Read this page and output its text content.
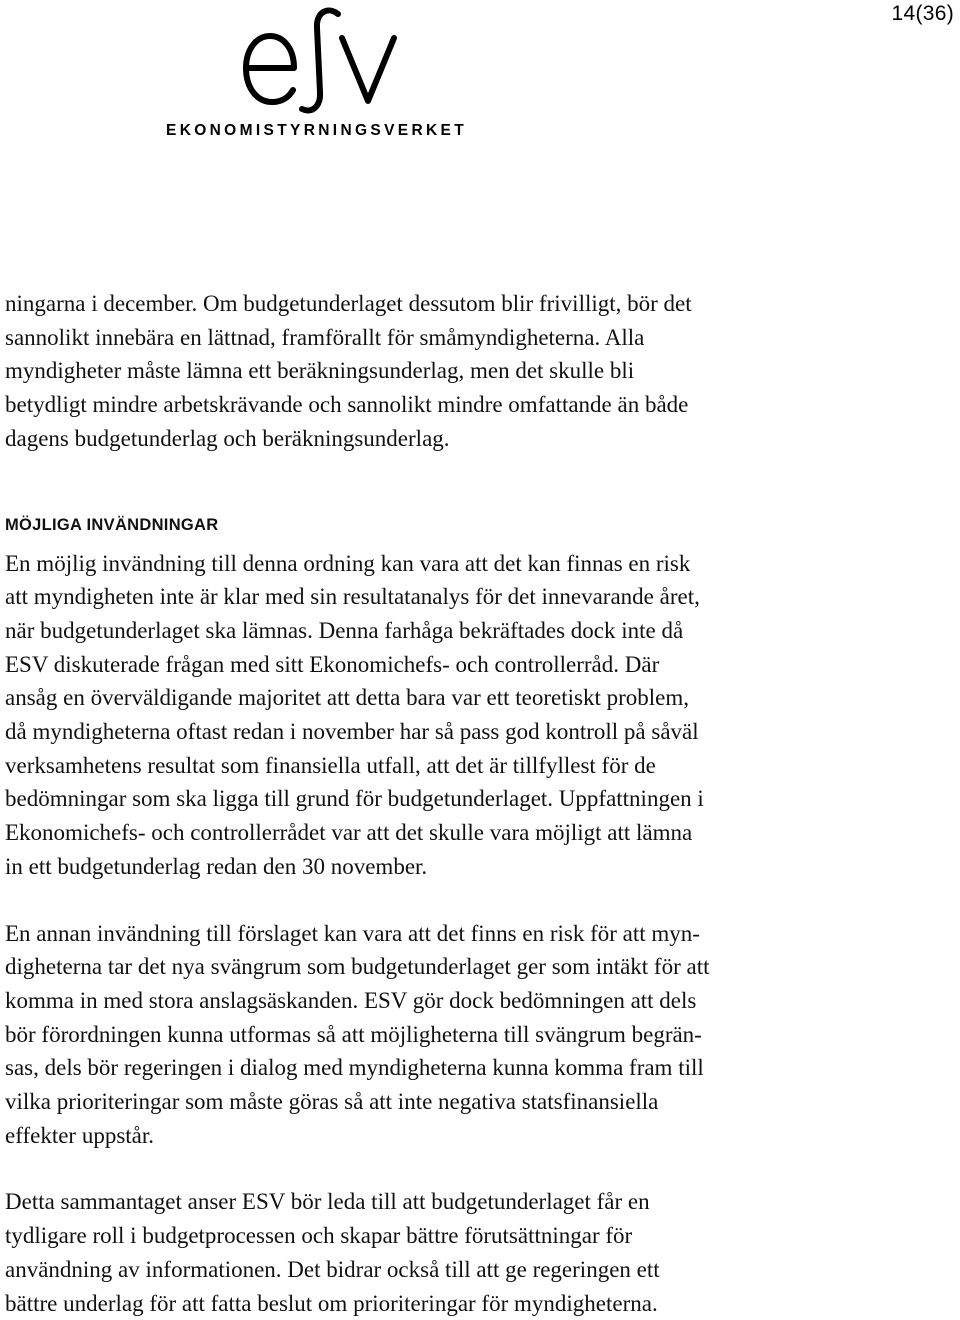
14(36)
EKONOMISTYRNINGSVERKET

ningarna i december. Om budgetunderlaget dessutom blir frivilligt, bör det
sannolikt innebära en lättnad, framförallt för småmyndigheterna. Alla
myndigheter måste lämna ett beräkningsunderlag, men det skulle bli
betydligt mindre arbetskrävande och sannolikt mindre omfattande än både
dagens budgetunderlag och beräkningsunderlag.

MÖJLIGA INVÄNDNINGAR

En möjlig invändning till denna ordning kan vara att det kan finnas en risk
att myndigheten inte är klar med sin resultatanalys för det innevarande året,
när budgetunderlaget ska lämnas. Denna farhåga bekräftades dock inte då
ESV diskuterade frågan med sitt Ekonomichefs- och controllerråd. Där
ansåg en överväldigande majoritet att detta bara var ett teoretiskt problem,
då myndigheterna oftast redan i november har så pass god kontroll på såväl
verksamhetens resultat som finansiella utfall, att det är tillfyllest för de
bedömningar som ska ligga till grund för budgetunderlaget. Uppfattningen i
Ekonomichefs- och controllerrådet var att det skulle vara möjligt att lämna
in ett budgetunderlag redan den 30 november.

En annan invändning till förslaget kan vara att det finns en risk för att myn-
digheterna tar det nya svängrum som budgetunderlaget ger som intäkt för att
komma in med stora anslagsäskanden. ESV gör dock bedömningen att dels
bör förordningen kunna utformas så att möjligheterna till svängrum begrän-
sas, dels bör regeringen i dialog med myndigheterna kunna komma fram till
vilka prioriteringar som måste göras så att inte negativa statsfinansiella
effekter uppstår.

Detta sammantaget anser ESV bör leda till att budgetunderlaget får en
tydligare roll i budgetprocessen och skapar bättre förutsättningar för
användning av informationen. Det bidrar också till att ge regeringen ett
bättre underlag för att fatta beslut om prioriteringar för myndigheterna.
